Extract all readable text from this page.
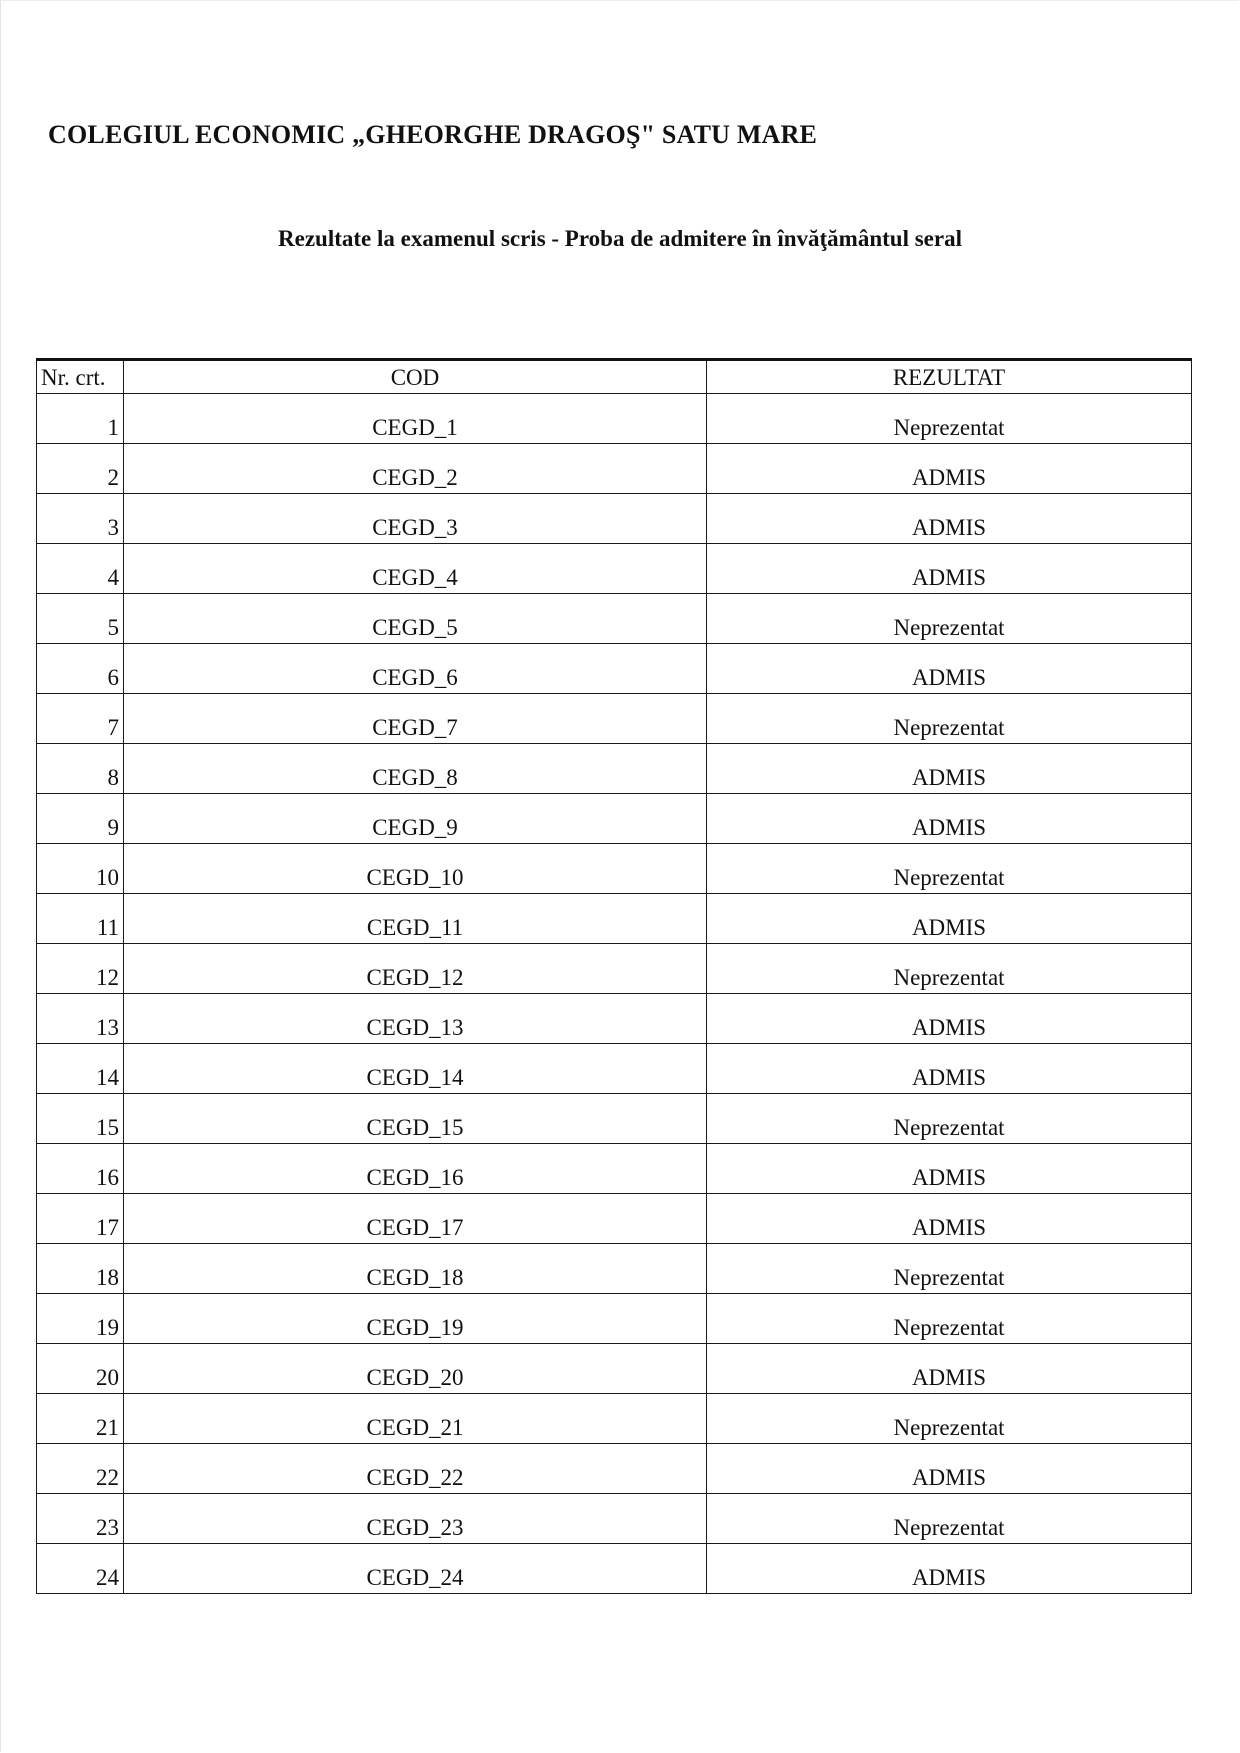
COLEGIUL ECONOMIC „GHEORGHE DRAGOŞ" SATU MARE
Rezultate la examenul scris - Proba de admitere în învăţământul seral
Nr. crt.	COD	REZULTAT
1	CEGD_1	Neprezentat
2	CEGD_2	ADMIS
3	CEGD_3	ADMIS
4	CEGD_4	ADMIS
5	CEGD_5	Neprezentat
6	CEGD_6	ADMIS
7	CEGD_7	Neprezentat
8	CEGD_8	ADMIS
9	CEGD_9	ADMIS
10	CEGD_10	Neprezentat
11	CEGD_11	ADMIS
12	CEGD_12	Neprezentat
13	CEGD_13	ADMIS
14	CEGD_14	ADMIS
15	CEGD_15	Neprezentat
16	CEGD_16	ADMIS
17	CEGD_17	ADMIS
18	CEGD_18	Neprezentat
19	CEGD_19	Neprezentat
20	CEGD_20	ADMIS
21	CEGD_21	Neprezentat
22	CEGD_22	ADMIS
23	CEGD_23	Neprezentat
24	CEGD_24	ADMIS
